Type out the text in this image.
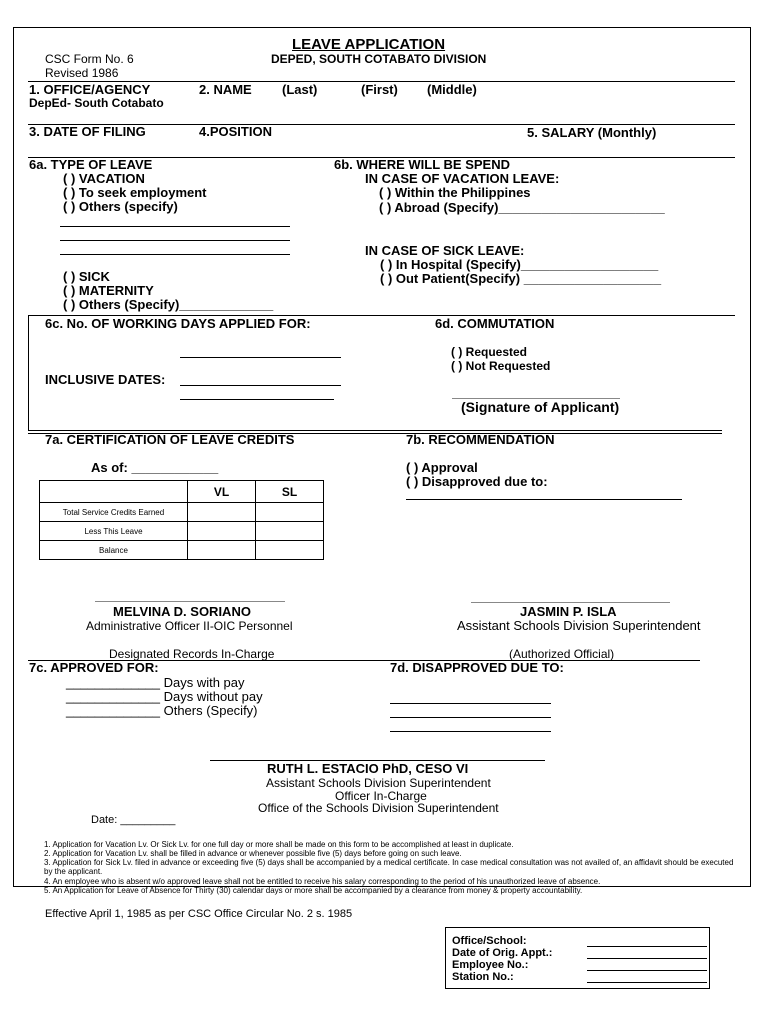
LEAVE APPLICATION
CSC Form No. 6
Revised 1986
DEPED, SOUTH COTABATO DIVISION
1. OFFICE/AGENCY
DepEd- South Cotabato
2. NAME (Last)	(First) (Middle)
3. DATE OF FILING	4.POSITION	5. SALARY (Monthly)
6a. TYPE OF LEAVE
( ) VACATION
( ) To seek employment
( ) Others (specify)
( ) SICK
( ) MATERNITY
( ) Others (Specify)_____________
6b. WHERE WILL BE SPEND
IN CASE OF VACATION LEAVE:
( ) Within the Philippines
( ) Abroad (Specify)_______________________
IN CASE OF SICK LEAVE:
( ) In Hospital (Specify)___________________
( ) Out Patient(Specify) ___________________
6c. No. OF WORKING DAYS APPLIED FOR:
INCLUSIVE DATES:
6d. COMMUTATION
( ) Requested
( ) Not Requested
(Signature of Applicant)
7a. CERTIFICATION OF LEAVE CREDITS
As of: ____________
	VL	SL
Total Service Credits Earned		
Less This Leave		
Balance		
7b. RECOMMENDATION
( ) Approval
( ) Disapproved due to:
MELVINA D. SORIANO
Administrative Officer II-OIC Personnel
Designated Records In-Charge
JASMIN P. ISLA
Assistant Schools Division Superintendent
(Authorized Official)
7c. APPROVED FOR:
_____________ Days with pay
_____________ Days without pay
_____________ Others (Specify)
7d. DISAPPROVED DUE TO:
RUTH L. ESTACIO PhD, CESO VI
Assistant Schools Division Superintendent
Officer In-Charge
Office of the Schools Division Superintendent
Date: _________
1. Application for Vacation Lv. Or Sick Lv. for one full day or more shall be made on this form to be accomplished at least in duplicate.
2. Application for Vacation Lv. shall be filled in advance or whenever possible five (5) days before going on such leave.
3. Application for Sick Lv. filed in advance or exceeding five (5) days shall be accompanied by a medical certificate. In case medical consultation was not availed of, an affidavit should be executed by the applicant.
4. An employee who is absent w/o approved leave shall not be entitled to receive his salary corresponding to the period of his unauthorized leave of absence.
5. An Application for Leave of Absence for Thirty (30) calendar days or more shall be accompanied by a clearance from money & property accountability.
Effective April 1, 1985 as per CSC Office Circular No. 2 s. 1985
Office/School:
Date of Orig. Appt.:
Employee No.:
Station No.:
